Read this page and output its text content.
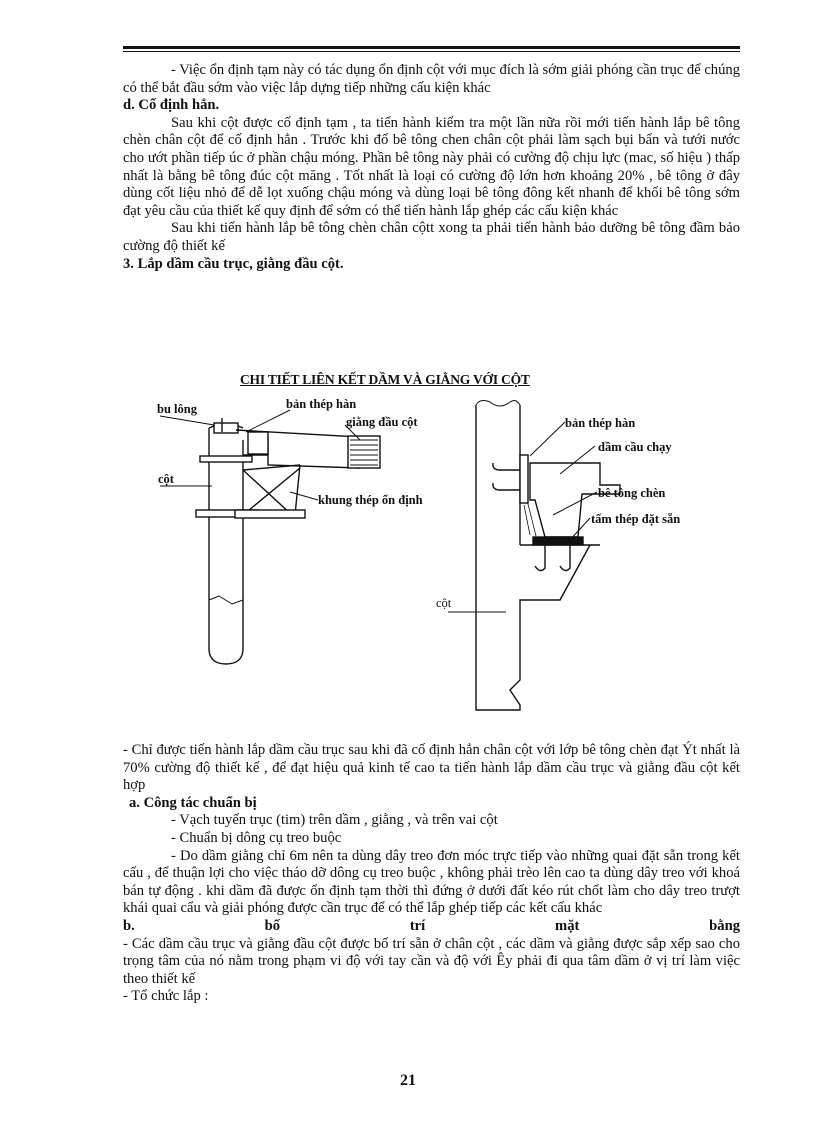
- Việc ổn định tạm này có tác dụng ổn định cột với mục đích là sớm giải phóng cần trục để chúng có thể bắt đầu sớm vào việc lắp dựng tiếp những cấu kiện khác

d. Cố định hẳn.

Sau khi cột được cố định tạm , ta tiến hành kiểm tra một lần nữa rồi mới tiến hành lắp bê tông chèn chân cột để cố định hẳn . Trước khi đổ bê tông chen chân cột phải làm sạch bụi bẩn và tưới nước cho ướt phần tiếp úc ở phần chậu móng. Phần bê tông này phải có cường độ chịu lực (mac, số hiệu ) thấp nhất là bằng bê tông đúc cột măng . Tốt nhất là loại có cường độ lớn hơn khoảng 20% , bê tông ở đây dùng cốt liệu nhỏ để dễ lọt xuống chậu móng và dùng loại bê tông đông kết nhanh để khối bê tông sớm đạt yêu cầu của thiết kế quy định để sớm có thể tiến hành lắp ghép các cấu kiện khác

Sau khi tiến hành lắp bê tông chèn chân cộtt xong ta phải tiến hành bảo dưỡng bê tông đầm bảo cường độ thiết kế

3. Lắp dầm cầu trục, giằng đầu cột.

CHI TIẾT LIÊN KẾT DẦM VÀ GIẰNG VỚI CỘT
bu lông	bản thép hàn
giằng đầu cột
cột
khung thép ổn định
bản thép hàn
dầm cầu chạy
bê tông chèn
tấm thép đặt sẵn
cột

- Chỉ được tiến hành lắp dầm cầu trục sau khi đã cố định hẳn chân cột với lớp bê tông chèn đạt Ýt nhất là 70% cường độ thiết kế , để đạt hiệu quả kinh tế cao ta tiến hành lắp dầm cầu trục và giằng đầu cột kết hợp

a. Công tác chuẩn bị

- Vạch tuyến trục (tim) trên dầm , giằng , và trên vai cột

- Chuẩn bị dông cụ treo buộc

- Do dầm giằng chỉ 6m nên ta dùng dây treo đơn móc trực tiếp vào những quai đặt sẵn trong kết cấu , để thuận lợi cho việc tháo dỡ dông cụ treo buộc , không phải trèo lên cao ta dùng dây treo với khoá bán tự động . khi dầm đã được ổn định tạm thời thì đứng ở dưới đất kéo rút chốt làm cho dây treo trượt khái quai cẩu và giải phóng được cần trục để có thể lắp ghép tiếp các kết cấu khác

b.	bố	trí	mặt	bằng

- Các dầm cầu trục và giằng đầu cột được bố trí sẵn ở chân cột , các dầm và giằng được sắp xếp sao cho trọng tâm của nó nằm trong phạm vi độ với tay cần và độ với Êy phải đi qua tâm dầm ở vị trí làm việc theo thiết kế

- Tổ chức lắp :

21
